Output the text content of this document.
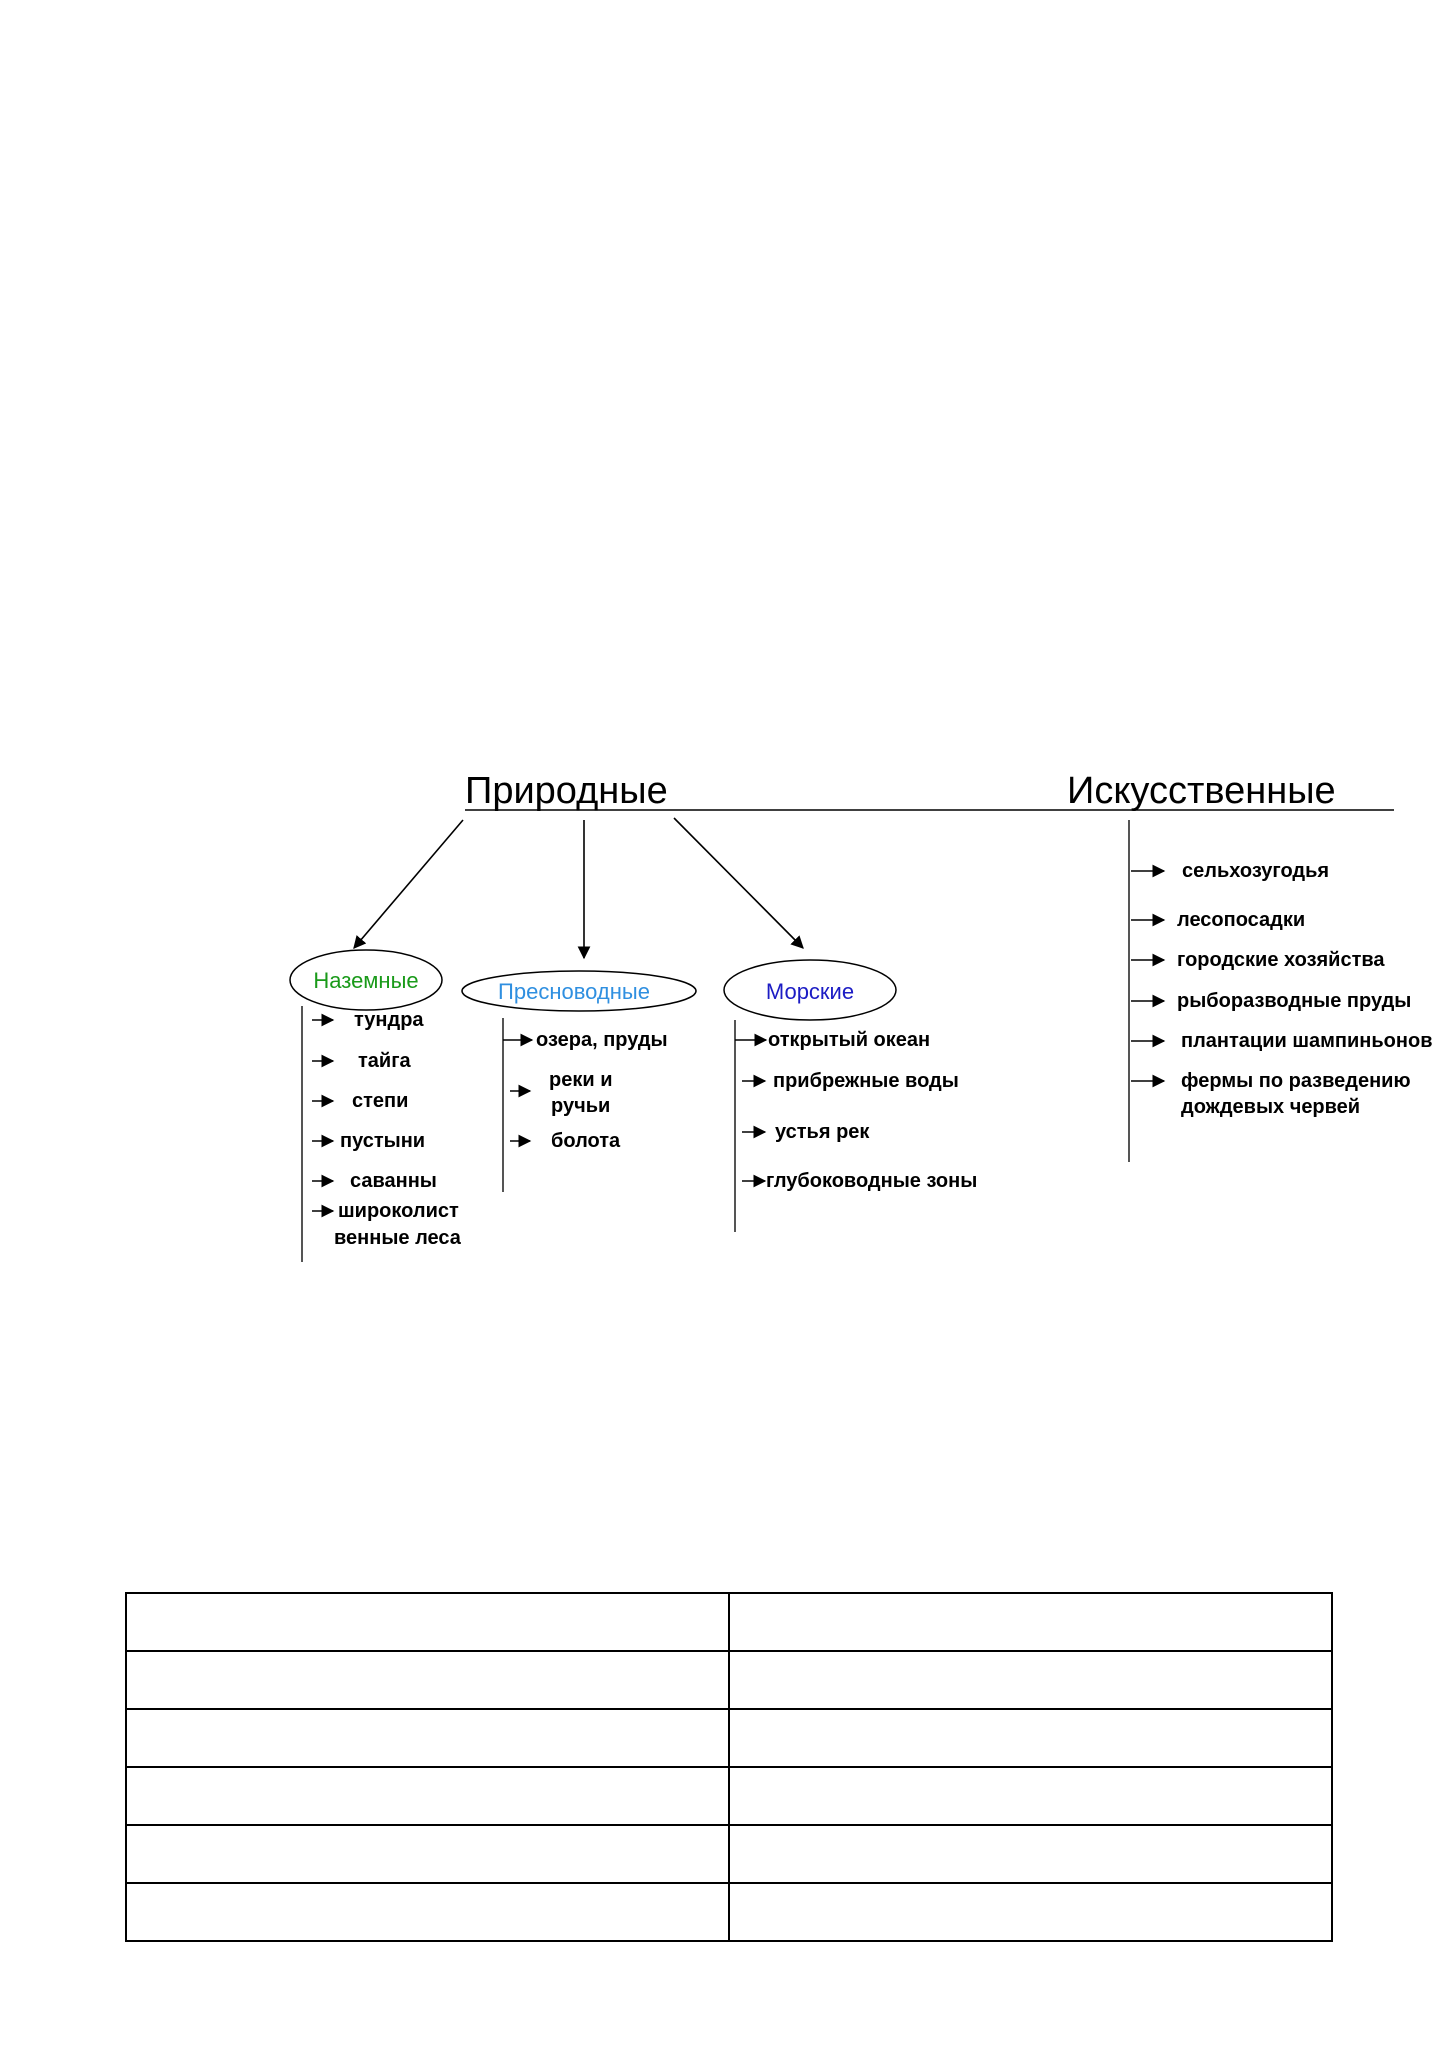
Природные	Искусственные
Наземные	Пресноводные	Морские
тундра
тайга
степи
пустыни
саванны
широколист
венные леса
озера, пруды
реки и
ручьи
болота
открытый океан
прибрежные воды
устья рек
глубоководные зоны
сельхозугодья
лесопосадки
городские хозяйства
рыборазводные пруды
плантации шампиньонов
фермы по разведению
дождевых червей
